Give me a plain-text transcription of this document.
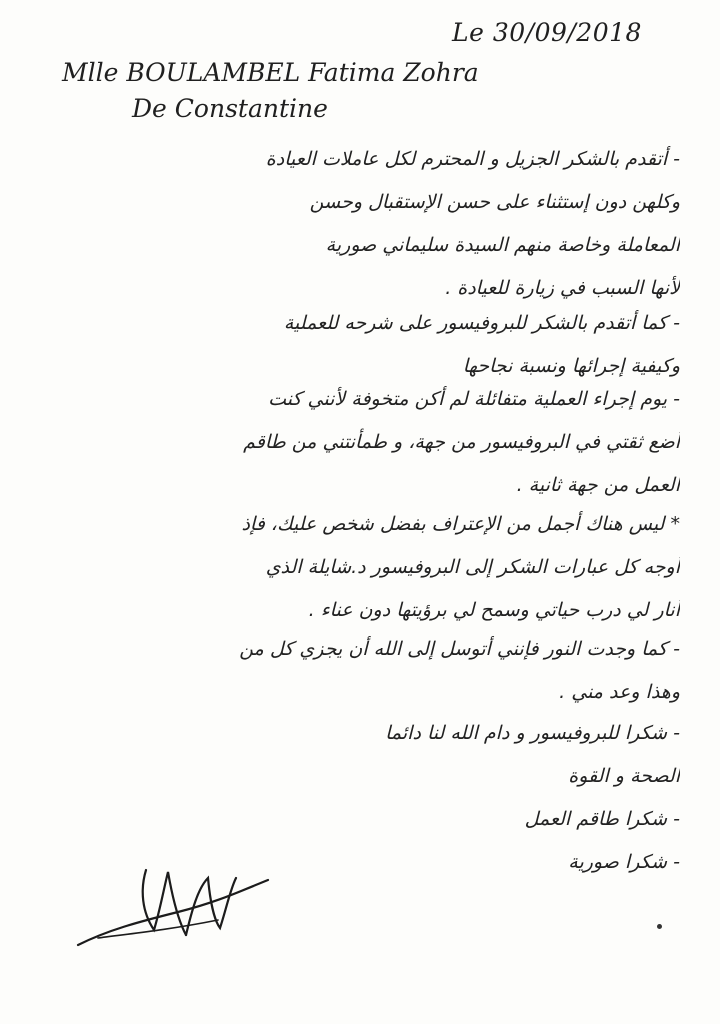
Le 30/09/2018
Mlle BOULAMBEL Fatima Zohra
De Constantine
- أتقدم بالشكر الجزيل و المحترم لكل عاملات العيادة
وكلهن دون إستثناء على حسن الإستقبال وحسن
المعاملة وخاصة منهم السيدة سليماني صورية
لأنها السبب في زيارة للعيادة .
- كما أتقدم بالشكر للبروفيسور على شرحه للعملية
وكيفية إجرائها ونسبة نجاحها
- يوم إجراء العملية متفائلة لم أكن متخوفة لأنني كنت
أضع ثقتي في البروفيسور من جهة، و طمأنتني من طاقم
العمل من جهة ثانية .
* ليس هناك أجمل من الإعتراف بفضل شخص عليك، فإذ
أوجه كل عبارات الشكر إلى البروفيسور د.شايلة الذي
أنار لي درب حياتي وسمح لي برؤيتها دون عناء .
- كما وجدت النور فإنني أتوسل إلى الله أن يجزي كل من
وهذا وعد مني .
- شكرا للبروفيسور و دام الله لنا دائما
الصحة و القوة
- شكرا طاقم العمل
- شكرا صورية
